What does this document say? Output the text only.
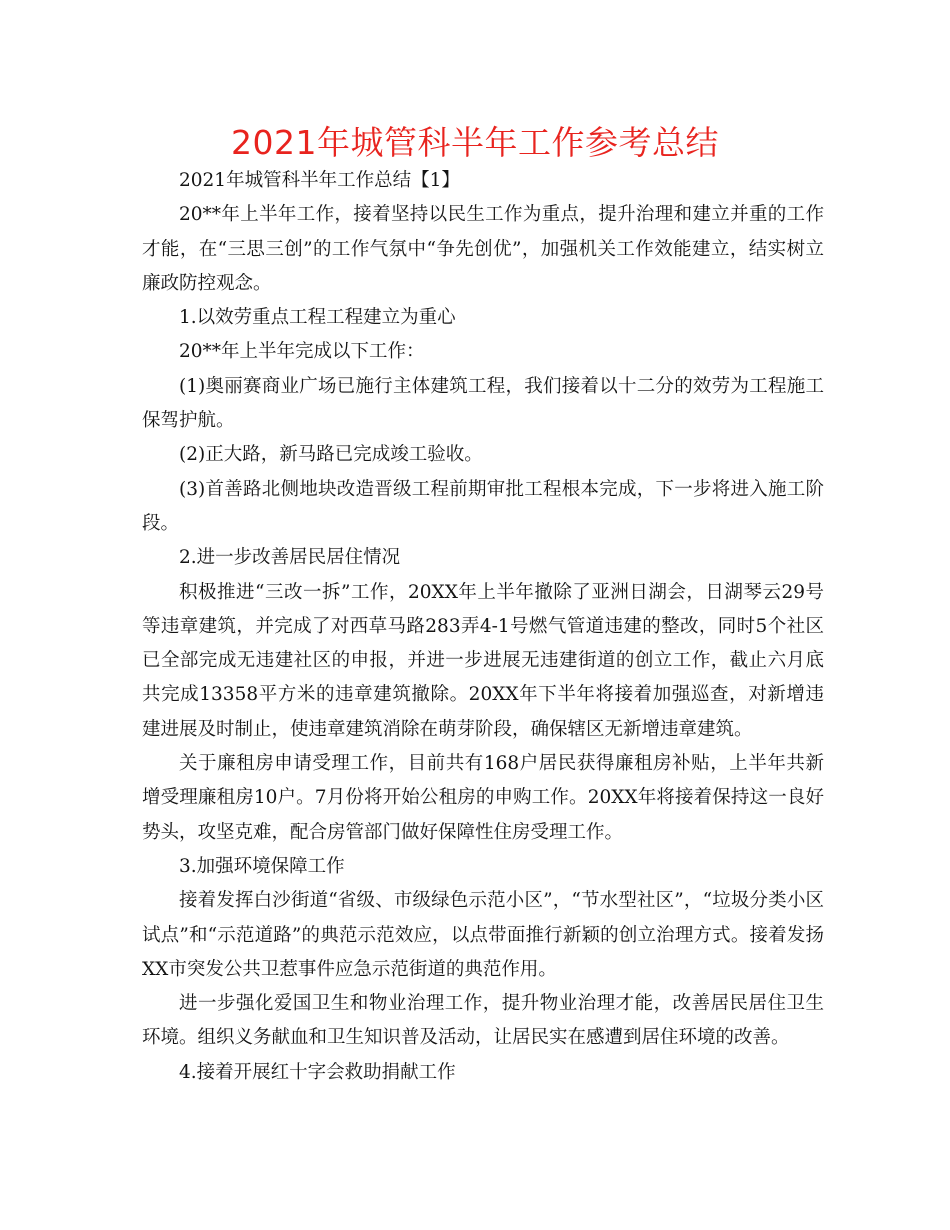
2021年城管科半年工作参考总结

2021年城管科半年工作总结【1】

20**年上半年工作，接着坚持以民生工作为重点，提升治理和建立并重的工作才能，在“三思三创”的工作气氛中“争先创优”，加强机关工作效能建立，结实树立廉政防控观念。

1.以效劳重点工程工程建立为重心

20**年上半年完成以下工作：

(1)奥丽赛商业广场已施行主体建筑工程，我们接着以十二分的效劳为工程施工保驾护航。

(2)正大路，新马路已完成竣工验收。

(3)首善路北侧地块改造晋级工程前期审批工程根本完成，下一步将进入施工阶段。

2.进一步改善居民居住情况

积极推进“三改一拆”工作，20XX年上半年撤除了亚洲日湖会，日湖琴云29号等违章建筑，并完成了对西草马路283弄4-1号燃气管道违建的整改，同时5个社区已全部完成无违建社区的申报，并进一步进展无违建街道的创立工作，截止六月底共完成13358平方米的违章建筑撤除。20XX年下半年将接着加强巡查，对新增违建进展及时制止，使违章建筑消除在萌芽阶段，确保辖区无新增违章建筑。

关于廉租房申请受理工作，目前共有168户居民获得廉租房补贴，上半年共新增受理廉租房10户。7月份将开始公租房的申购工作。20XX年将接着保持这一良好势头，攻坚克难，配合房管部门做好保障性住房受理工作。

3.加强环境保障工作

接着发挥白沙街道“省级、市级绿色示范小区”，“节水型社区”，“垃圾分类小区试点”和“示范道路”的典范示范效应，以点带面推行新颖的创立治理方式。接着发扬XX市突发公共卫惹事件应急示范街道的典范作用。

进一步强化爱国卫生和物业治理工作，提升物业治理才能，改善居民居住卫生环境。组织义务献血和卫生知识普及活动，让居民实在感遭到居住环境的改善。

4.接着开展红十字会救助捐献工作
